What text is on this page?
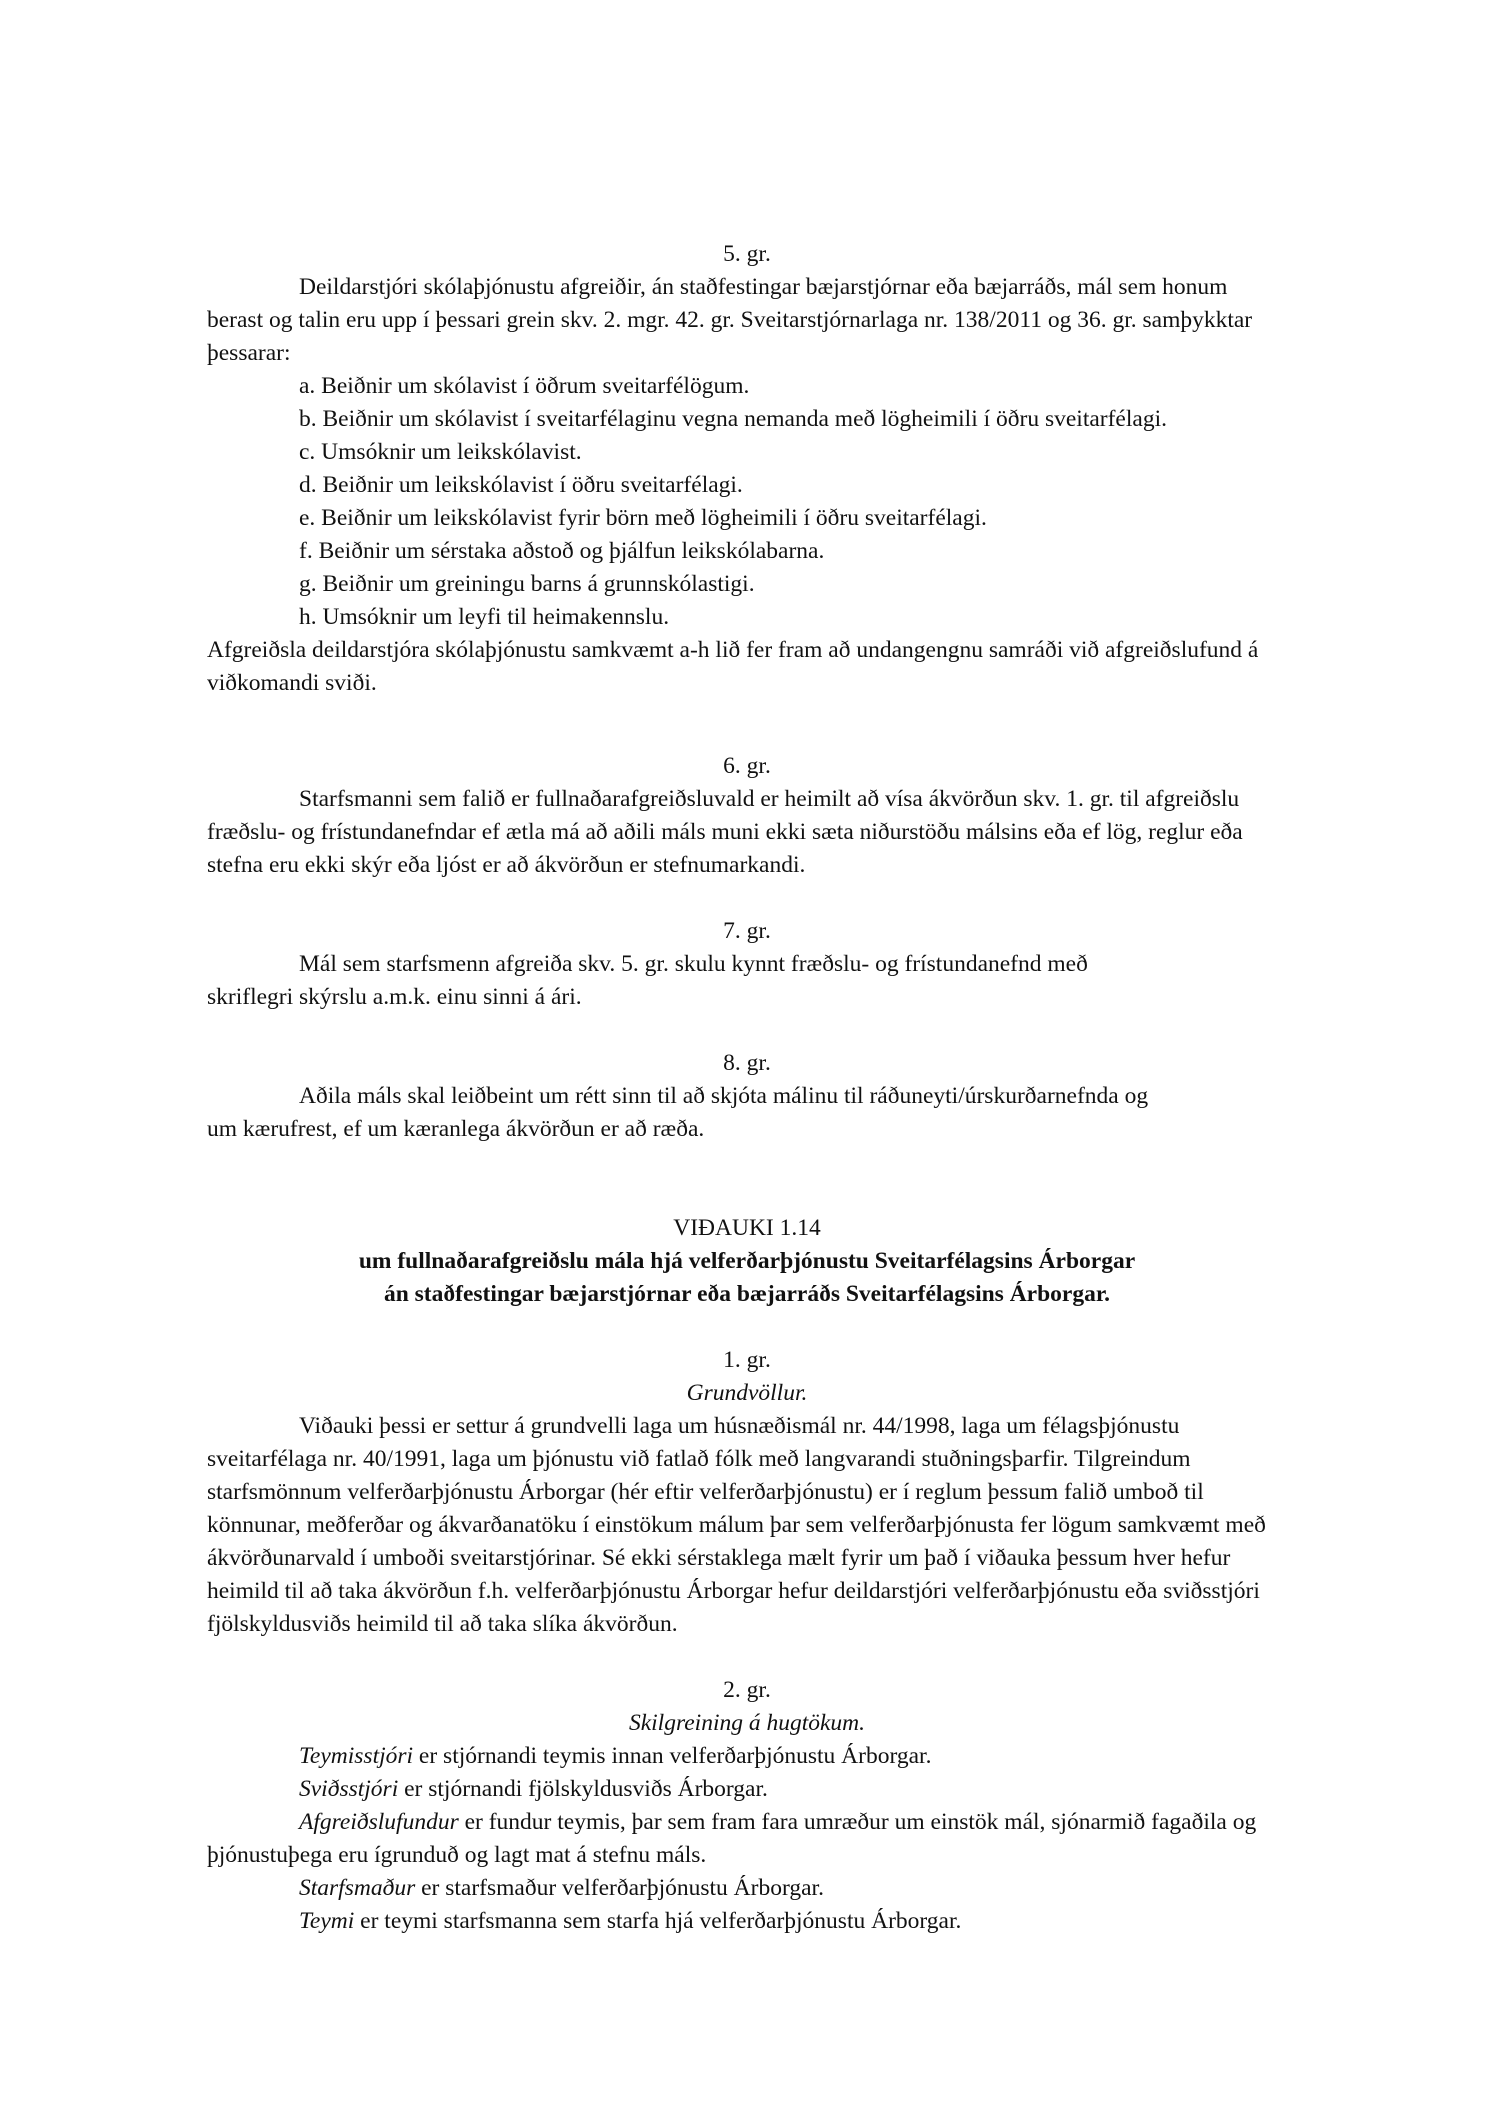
5. gr.

Deildarstjóri skólaþjónustu afgreiðir, án staðfestingar bæjarstjórnar eða bæjarráðs, mál sem honum berast og talin eru upp í þessari grein skv. 2. mgr. 42. gr. Sveitarstjórnarlaga nr. 138/2011 og 36. gr. samþykktar þessarar:

a. Beiðnir um skólavist í öðrum sveitarfélögum.

b. Beiðnir um skólavist í sveitarfélaginu vegna nemanda með lögheimili í öðru sveitarfélagi.

c. Umsóknir um leikskólavist.

d. Beiðnir um leikskólavist í öðru sveitarfélagi.

e. Beiðnir um leikskólavist fyrir börn með lögheimili í öðru sveitarfélagi.

f. Beiðnir um sérstaka aðstoð og þjálfun leikskólabarna.

g. Beiðnir um greiningu barns á grunnskólastigi.

h. Umsóknir um leyfi til heimakennslu.

Afgreiðsla deildarstjóra skólaþjónustu samkvæmt a-h lið fer fram að undangengnu samráði við afgreiðslufund á viðkomandi sviði.

6. gr.

Starfsmanni sem falið er fullnaðarafgreiðsluvald er heimilt að vísa ákvörðun skv. 1. gr. til afgreiðslu fræðslu- og frístundanefndar ef ætla má að aðili máls muni ekki sæta niðurstöðu málsins eða ef lög, reglur eða stefna eru ekki skýr eða ljóst er að ákvörðun er stefnumarkandi.

7. gr.

Mál sem starfsmenn afgreiða skv. 5. gr. skulu kynnt fræðslu- og frístundanefnd með

skriflegri skýrslu a.m.k. einu sinni á ári.

8. gr.

Aðila máls skal leiðbeint um rétt sinn til að skjóta málinu til ráðuneyti/úrskurðarnefnda og

um kærufrest, ef um kæranlega ákvörðun er að ræða.

VIÐAUKI 1.14

um fullnaðarafgreiðslu mála hjá velferðarþjónustu Sveitarfélagsins Árborgar

án staðfestingar bæjarstjórnar eða bæjarráðs Sveitarfélagsins Árborgar.

1. gr.

Grundvöllur.

Viðauki þessi er settur á grundvelli laga um húsnæðismál nr. 44/1998, laga um félagsþjónustu sveitarfélaga nr. 40/1991, laga um þjónustu við fatlað fólk með langvarandi stuðningsþarfir. Tilgreindum starfsmönnum velferðarþjónustu Árborgar (hér eftir velferðarþjónustu) er í reglum þessum falið umboð til könnunar, meðferðar og ákvarðanatöku í einstökum málum þar sem velferðarþjónusta fer lögum samkvæmt með ákvörðunarvald í umboði sveitarstjórinar. Sé ekki sérstaklega mælt fyrir um það í viðauka þessum hver hefur heimild til að taka ákvörðun f.h. velferðarþjónustu Árborgar hefur deildarstjóri velferðarþjónustu eða sviðsstjóri fjölskyldusviðs heimild til að taka slíka ákvörðun.

2. gr.

Skilgreining á hugtökum.

Teymisstjóri er stjórnandi teymis innan velferðarþjónustu Árborgar.

Sviðsstjóri er stjórnandi fjölskyldusviðs Árborgar.

Afgreiðslufundur er fundur teymis, þar sem fram fara umræður um einstök mál, sjónarmið fagaðila og þjónustuþega eru ígrunduð og lagt mat á stefnu máls.

Starfsmaður er starfsmaður velferðarþjónustu Árborgar.

Teymi er teymi starfsmanna sem starfa hjá velferðarþjónustu Árborgar.
